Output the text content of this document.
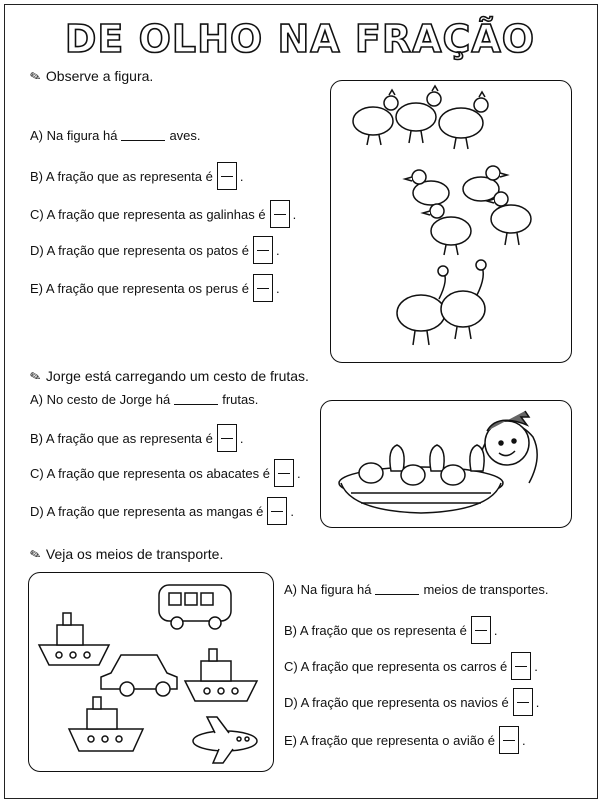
DE OLHO NA FRAÇÃO
✎ Observe a figura.
A) Na figura há	aves.
B) A fração que as representa é .
C) A fração que representa as galinhas é .
D) A fração que representa os patos é .
E) A fração que representa os perus é .
✎ Jorge está carregando um cesto de frutas.
A) No cesto de Jorge há	frutas.
B) A fração que as representa é .
C) A fração que representa os abacates é .
D) A fração que representa as mangas é .
✎ Veja os meios de transporte.
A) Na figura há	meios de transportes.
B) A fração que os representa é .
C) A fração que representa os carros é .
D) A fração que representa os navios é .
E) A fração que representa o avião é .
